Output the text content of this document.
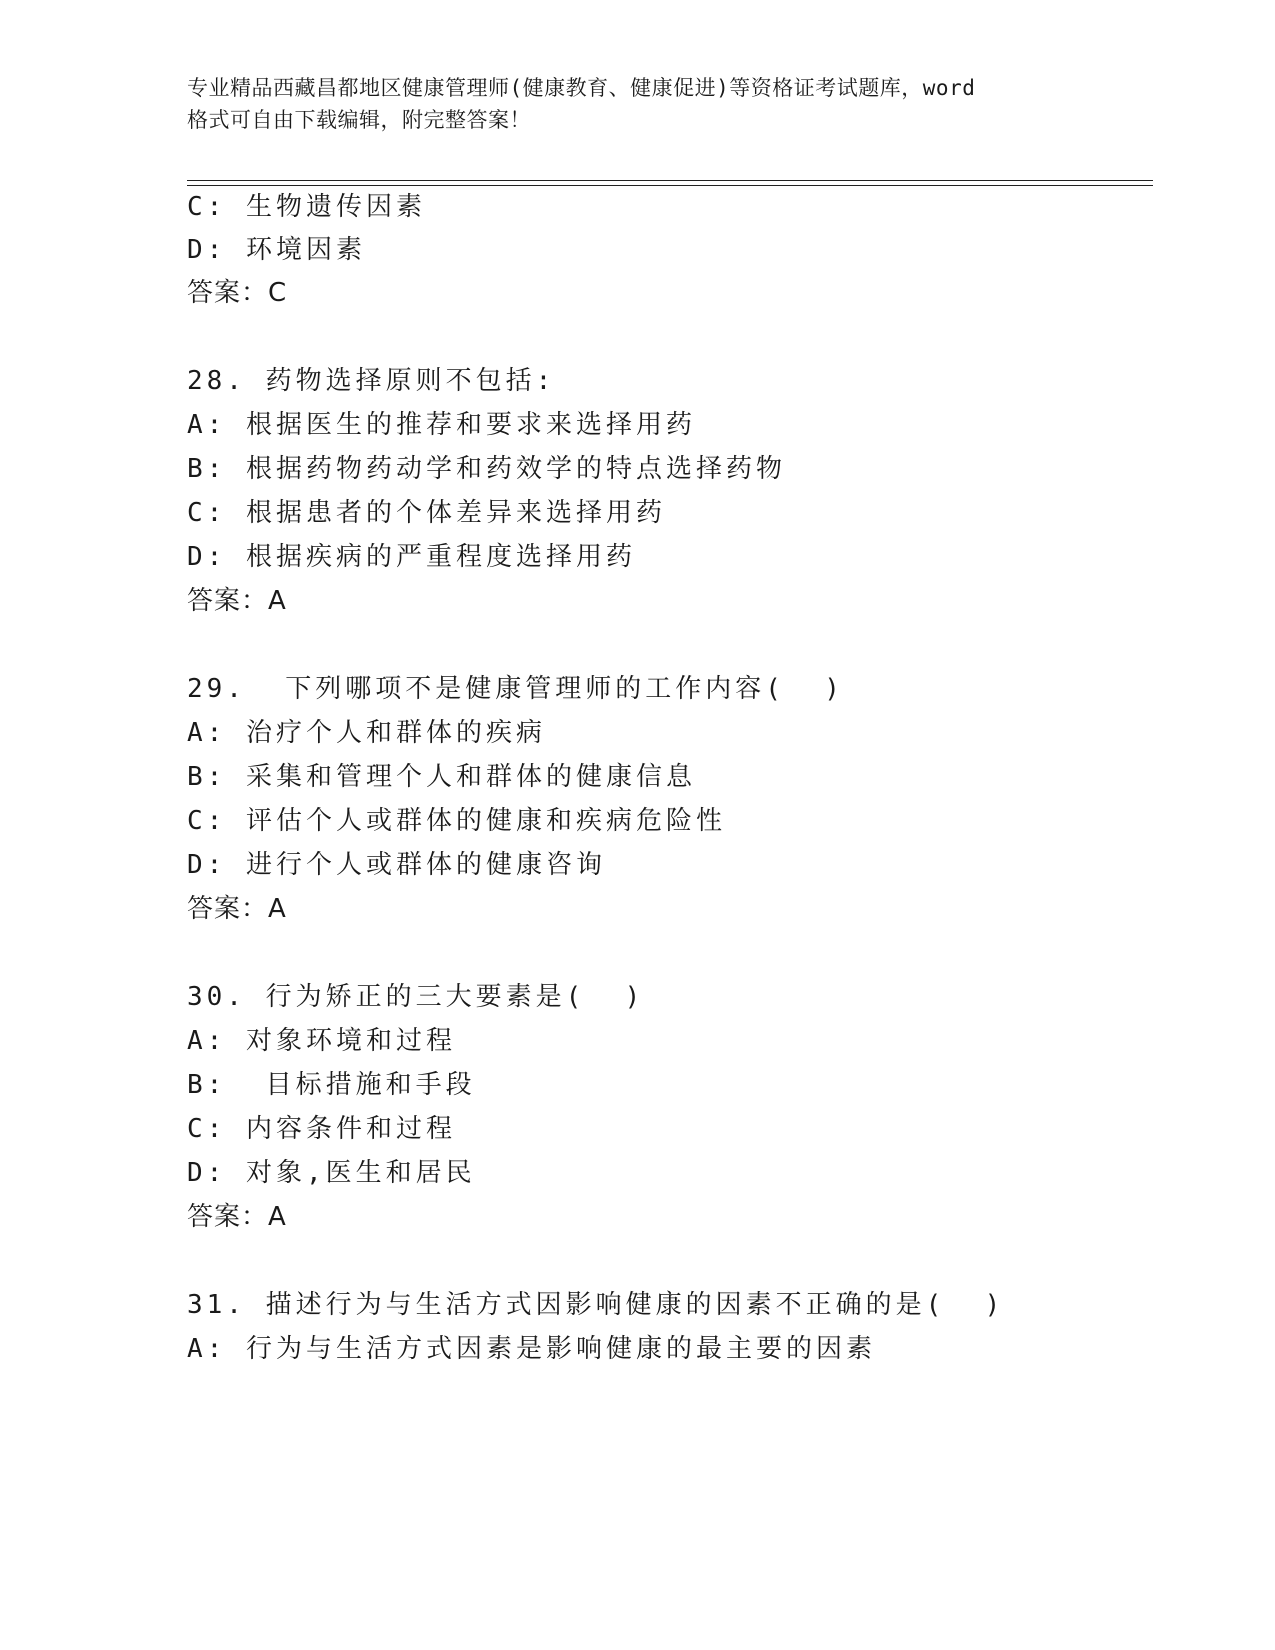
专业精品西藏昌都地区健康管理师(健康教育、健康促进)等资格证考试题库，word
格式可自由下载编辑，附完整答案！
C: 生物遗传因素
D: 环境因素
答案：C
28. 药物选择原则不包括:
A: 根据医生的推荐和要求来选择用药
B: 根据药物药动学和药效学的特点选择药物
C: 根据患者的个体差异来选择用药
D: 根据疾病的严重程度选择用药
答案：A
29.  下列哪项不是健康管理师的工作内容(  )
A: 治疗个人和群体的疾病
B: 采集和管理个人和群体的健康信息
C: 评估个人或群体的健康和疾病危险性
D: 进行个人或群体的健康咨询
答案：A
30. 行为矫正的三大要素是(  )
A: 对象环境和过程
B:  目标措施和手段
C: 内容条件和过程
D: 对象,医生和居民
答案：A
31. 描述行为与生活方式因影响健康的因素不正确的是(  )
A: 行为与生活方式因素是影响健康的最主要的因素
